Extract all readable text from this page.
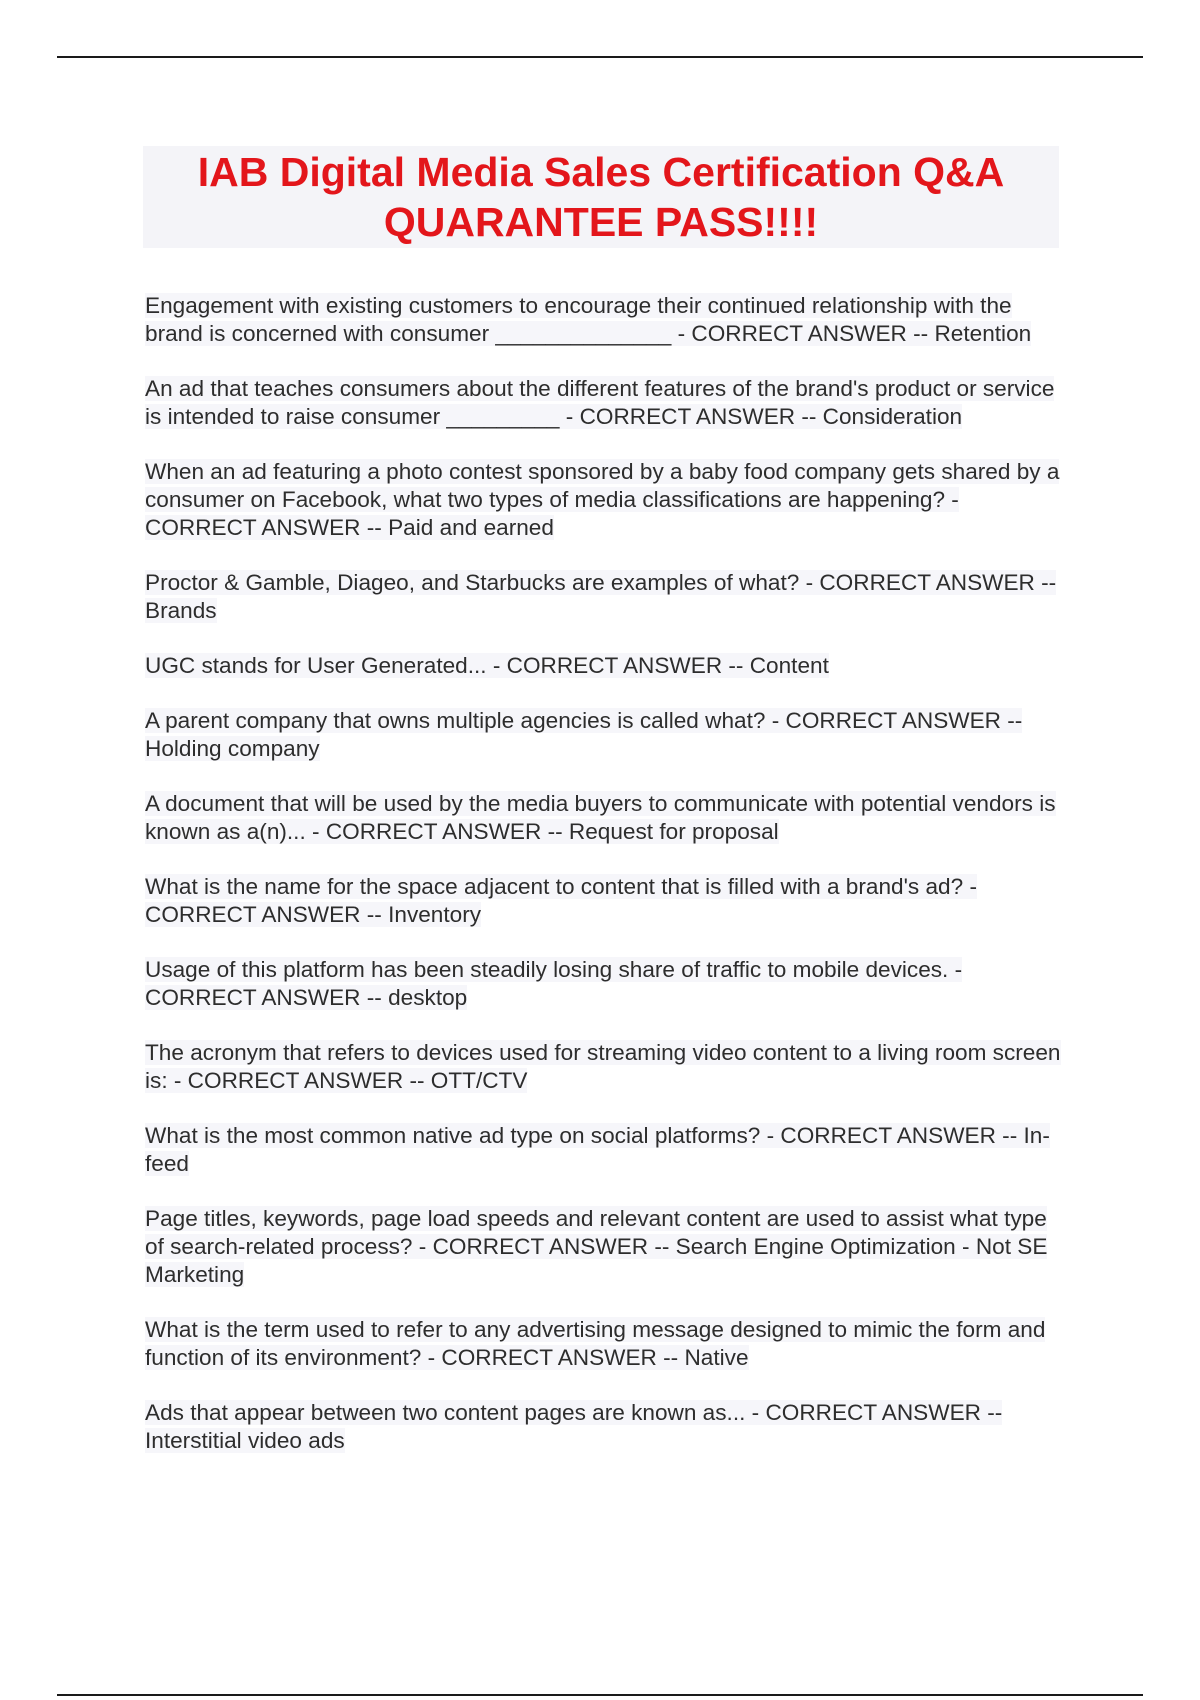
IAB Digital Media Sales Certification Q&A
QUARANTEE PASS!!!!

Engagement with existing customers to encourage their continued relationship with the brand is concerned with consumer ______________ - CORRECT ANSWER -- Retention

An ad that teaches consumers about the different features of the brand's product or service is intended to raise consumer _________ - CORRECT ANSWER -- Consideration

When an ad featuring a photo contest sponsored by a baby food company gets shared by a consumer on Facebook, what two types of media classifications are happening? - CORRECT ANSWER -- Paid and earned

Proctor & Gamble, Diageo, and Starbucks are examples of what? - CORRECT ANSWER -- Brands

UGC stands for User Generated... - CORRECT ANSWER -- Content

A parent company that owns multiple agencies is called what? - CORRECT ANSWER -- Holding company

A document that will be used by the media buyers to communicate with potential vendors is known as a(n)... - CORRECT ANSWER -- Request for proposal

What is the name for the space adjacent to content that is filled with a brand's ad? - CORRECT ANSWER -- Inventory

Usage of this platform has been steadily losing share of traffic to mobile devices. - CORRECT ANSWER -- desktop

The acronym that refers to devices used for streaming video content to a living room screen is: - CORRECT ANSWER -- OTT/CTV

What is the most common native ad type on social platforms? - CORRECT ANSWER -- In-feed

Page titles, keywords, page load speeds and relevant content are used to assist what type of search-related process? - CORRECT ANSWER -- Search Engine Optimization - Not SE Marketing

What is the term used to refer to any advertising message designed to mimic the form and function of its environment? - CORRECT ANSWER -- Native

Ads that appear between two content pages are known as... - CORRECT ANSWER -- Interstitial video ads
